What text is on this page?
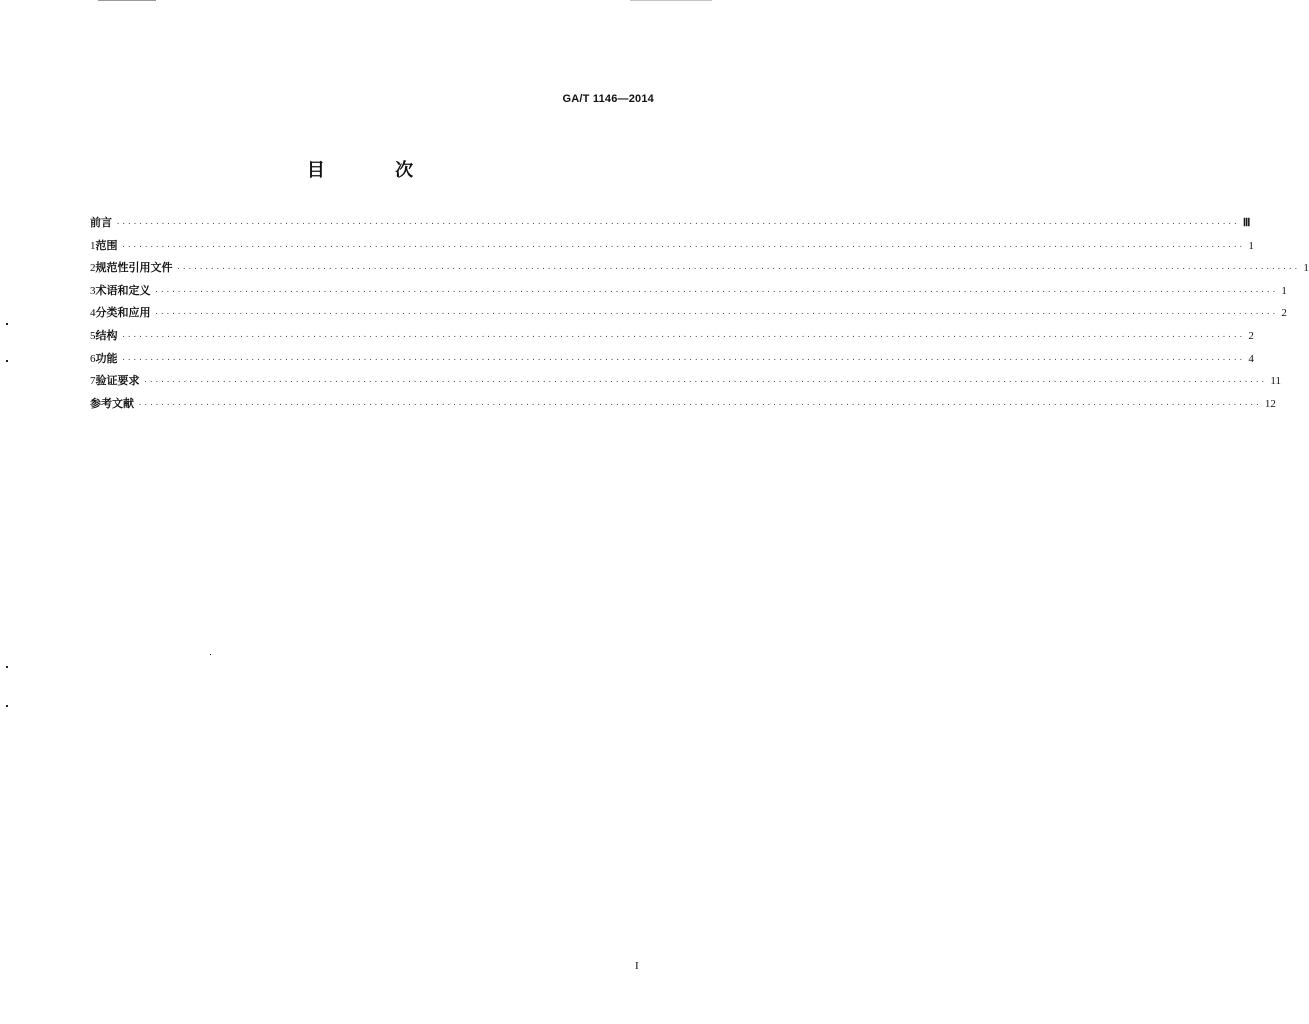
GA/T 1146—2014
目 次
前言 ········································································································································································································ Ⅲ
1 范围 ········································································································································································································ 1
2 规范性引用文件 ········································································································································································································ 1
3 术语和定义 ········································································································································································································ 1
4 分类和应用 ········································································································································································································ 2
5 结构 ········································································································································································································ 2
6 功能 ········································································································································································································ 4
7 验证要求 ········································································································································································································ 11
参考文献 ········································································································································································································ 12
I
